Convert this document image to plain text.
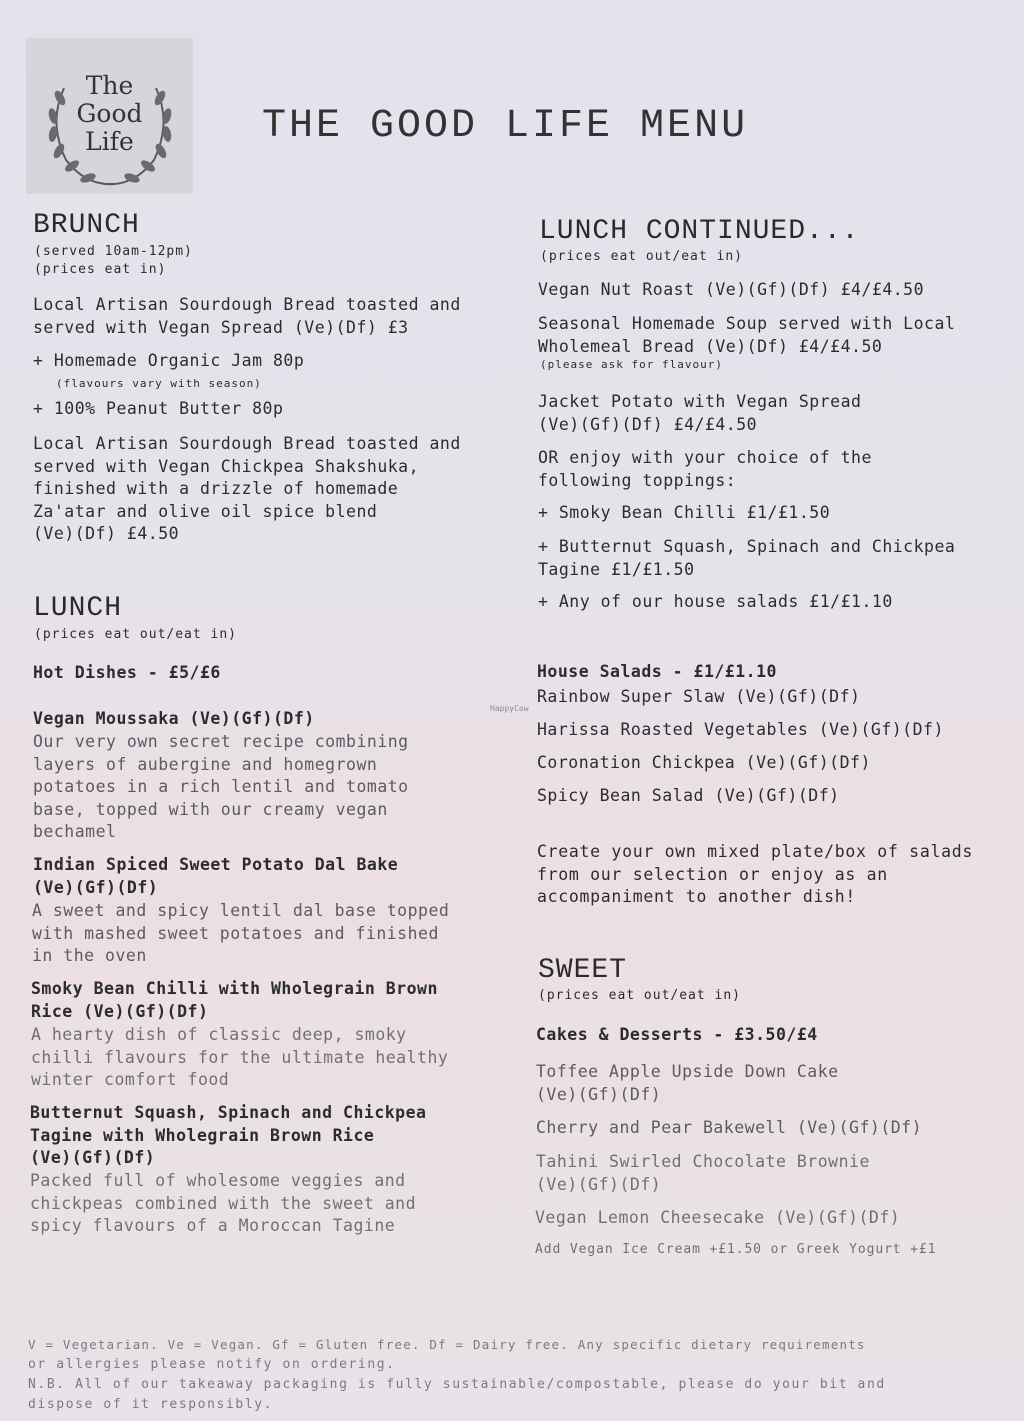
The
Good
Life	THE GOOD LIFE MENU
BRUNCH
(served 10am-12pm)
(prices eat in)
Local Artisan Sourdough Bread toasted and
served with Vegan Spread (Ve)(Df) £3
+ Homemade Organic Jam 80p
(flavours vary with season)
+ 100% Peanut Butter 80p
Local Artisan Sourdough Bread toasted and
served with Vegan Chickpea Shakshuka,
finished with a drizzle of homemade
Za'atar and olive oil spice blend
(Ve)(Df) £4.50
LUNCH
(prices eat out/eat in)
Hot Dishes - £5/£6
Vegan Moussaka (Ve)(Gf)(Df)
Our very own secret recipe combining
layers of aubergine and homegrown
potatoes in a rich lentil and tomato
base, topped with our creamy vegan
bechamel
Indian Spiced Sweet Potato Dal Bake
(Ve)(Gf)(Df)
A sweet and spicy lentil dal base topped
with mashed sweet potatoes and finished
in the oven
Smoky Bean Chilli with Wholegrain Brown
Rice (Ve)(Gf)(Df)
A hearty dish of classic deep, smoky
chilli flavours for the ultimate healthy
winter comfort food
Butternut Squash, Spinach and Chickpea
Tagine with Wholegrain Brown Rice
(Ve)(Gf)(Df)
Packed full of wholesome veggies and
chickpeas combined with the sweet and
spicy flavours of a Moroccan Tagine
LUNCH CONTINUED...
(prices eat out/eat in)
Vegan Nut Roast (Ve)(Gf)(Df) £4/£4.50
Seasonal Homemade Soup served with Local
Wholemeal Bread (Ve)(Df) £4/£4.50
(please ask for flavour)
Jacket Potato with Vegan Spread
(Ve)(Gf)(Df) £4/£4.50
OR enjoy with your choice of the
following toppings:
+ Smoky Bean Chilli £1/£1.50
+ Butternut Squash, Spinach and Chickpea
Tagine £1/£1.50
+ Any of our house salads £1/£1.10
House Salads - £1/£1.10
Rainbow Super Slaw (Ve)(Gf)(Df)
Harissa Roasted Vegetables (Ve)(Gf)(Df)
Coronation Chickpea (Ve)(Gf)(Df)
Spicy Bean Salad (Ve)(Gf)(Df)
Create your own mixed plate/box of salads
from our selection or enjoy as an
accompaniment to another dish!
HappyCow
SWEET
(prices eat out/eat in)
Cakes & Desserts - £3.50/£4
Toffee Apple Upside Down Cake
(Ve)(Gf)(Df)
Cherry and Pear Bakewell (Ve)(Gf)(Df)
Tahini Swirled Chocolate Brownie
(Ve)(Gf)(Df)
Vegan Lemon Cheesecake (Ve)(Gf)(Df)
Add Vegan Ice Cream +£1.50 or Greek Yogurt +£1
V = Vegetarian. Ve = Vegan. Gf = Gluten free. Df = Dairy free. Any specific dietary requirements
or allergies please notify on ordering.
N.B. All of our takeaway packaging is fully sustainable/compostable, please do your bit and
dispose of it responsibly.
